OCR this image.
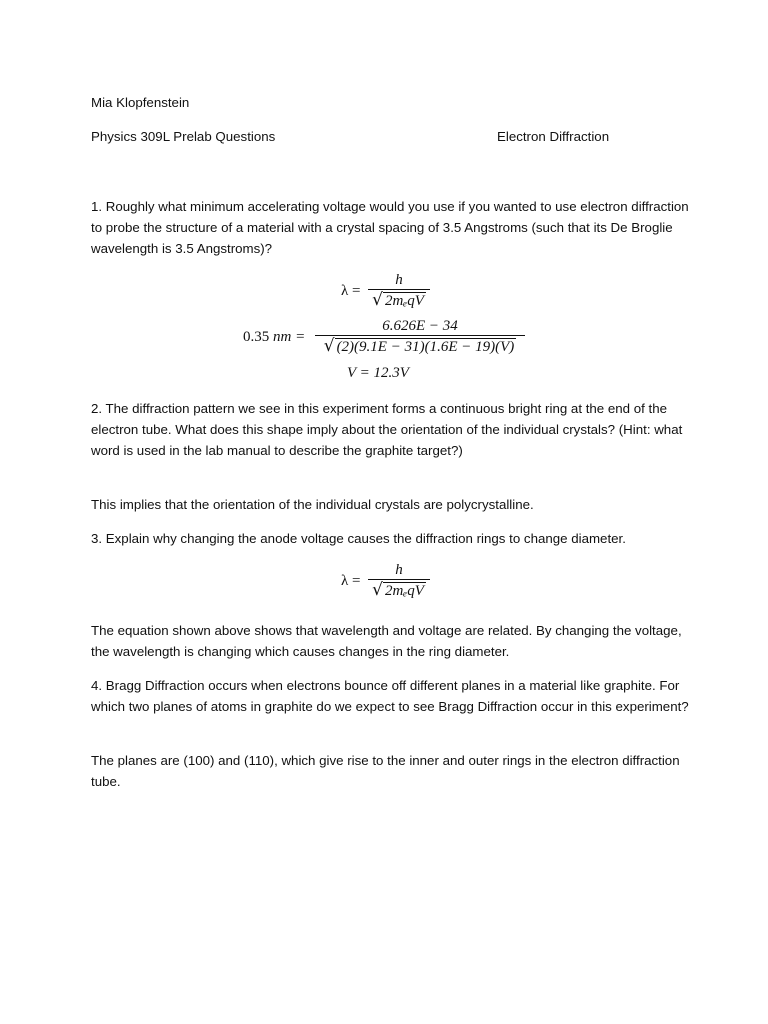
Mia Klopfenstein
Physics 309L Prelab Questions	Electron Diffraction
1. Roughly what minimum accelerating voltage would you use if you wanted to use electron diffraction to probe the structure of a material with a crystal spacing of 3.5 Angstroms (such that its De Broglie wavelength is 3.5 Angstroms)?
λ =
h
√ 2mₑqV
0.35 nm =
6.626E − 34
√ (2)(9.1E − 31)(1.6E − 19)(V)
V = 12.3V
2. The diffraction pattern we see in this experiment forms a continuous bright ring at the end of the electron tube. What does this shape imply about the orientation of the individual crystals? (Hint: what word is used in the lab manual to describe the graphite target?)
This implies that the orientation of the individual crystals are polycrystalline.
3. Explain why changing the anode voltage causes the diffraction rings to change diameter.
λ =
h
√ 2mₑqV
The equation shown above shows that wavelength and voltage are related. By changing the voltage, the wavelength is changing which causes changes in the ring diameter.
4. Bragg Diffraction occurs when electrons bounce off different planes in a material like graphite. For which two planes of atoms in graphite do we expect to see Bragg Diffraction occur in this experiment?
The planes are (100) and (110), which give rise to the inner and outer rings in the electron diffraction tube.
